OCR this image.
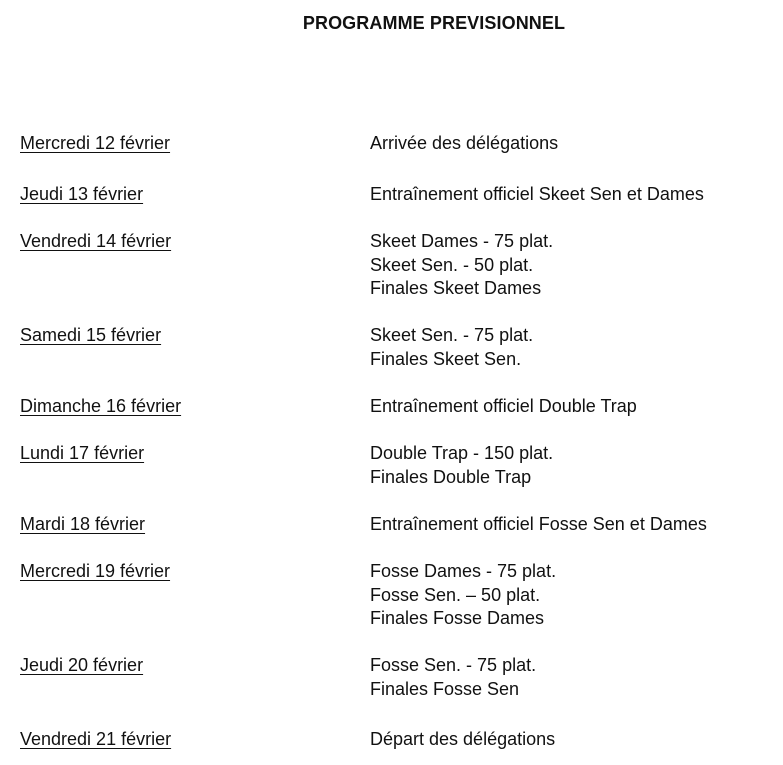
PROGRAMME PREVISIONNEL
Mercredi 12 février	Arrivée des délégations
Jeudi 13 février	Entraînement officiel Skeet Sen et Dames
Vendredi 14 février	Skeet Dames - 75 plat.
Skeet Sen. - 50 plat.
Finales Skeet Dames
Samedi 15 février	Skeet Sen. - 75 plat.
Finales Skeet Sen.
Dimanche 16 février	Entraînement officiel Double Trap
Lundi 17 février	Double Trap - 150 plat.
Finales Double Trap
Mardi 18 février	Entraînement officiel Fosse Sen et Dames
Mercredi 19 février	Fosse Dames - 75 plat.
Fosse Sen. – 50 plat.
Finales Fosse Dames
Jeudi 20 février	Fosse Sen. - 75 plat.
Finales Fosse Sen
Vendredi 21 février	Départ des délégations
